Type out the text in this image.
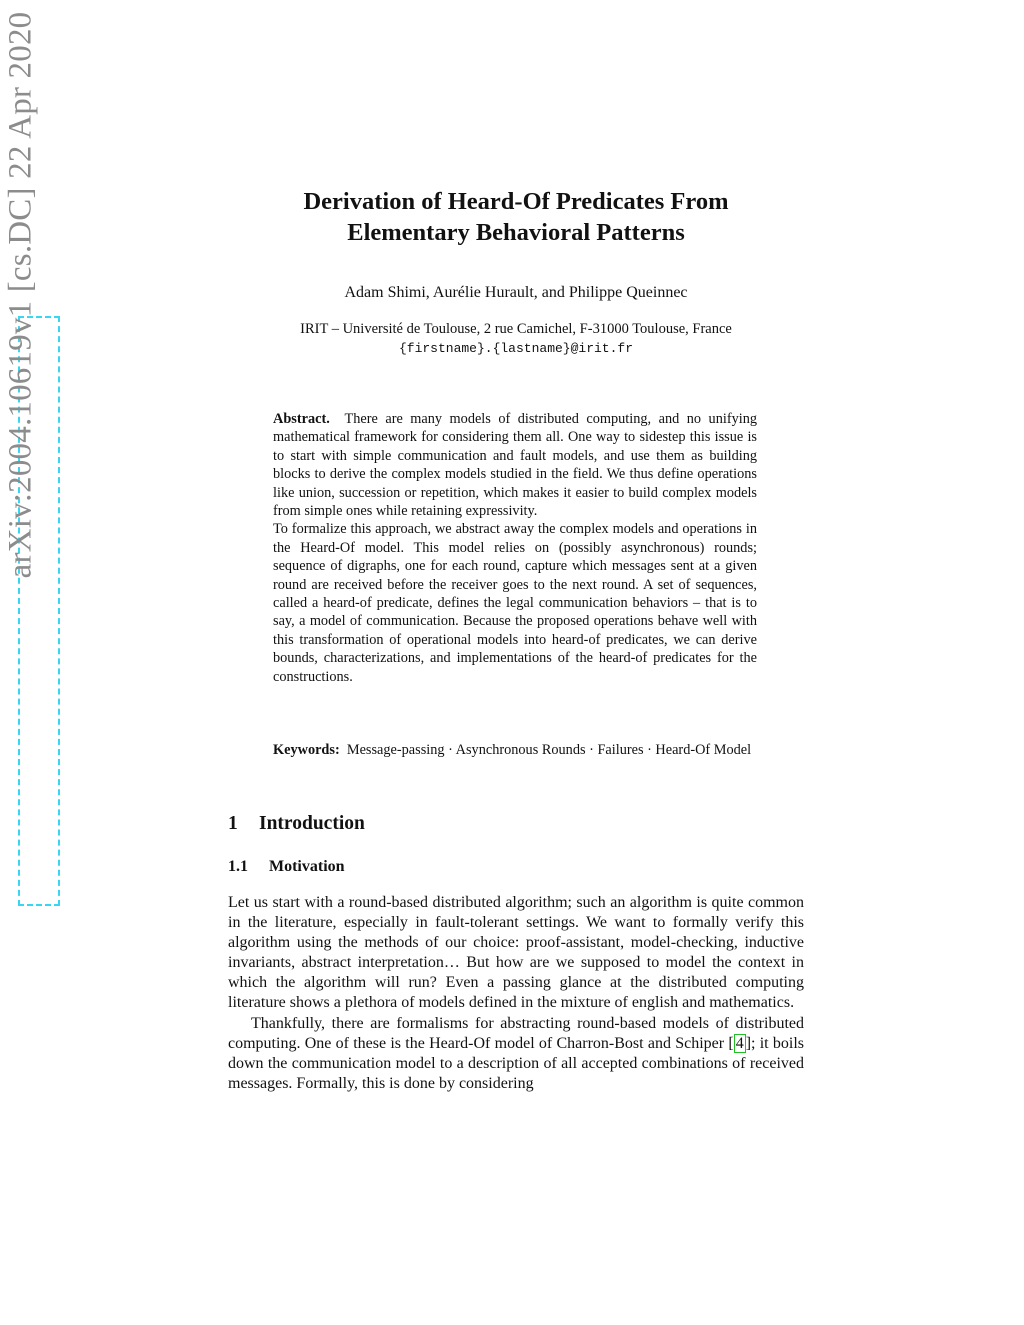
arXiv:2004.10619v1 [cs.DC] 22 Apr 2020	Derivation of Heard-Of Predicates From
Elementary Behavioral Patterns
Adam Shimi, Aurélie Hurault, and Philippe Queinnec
IRIT – Université de Toulouse, 2 rue Camichel, F-31000 Toulouse, France
{firstname}.{lastname}@irit.fr

Abstract. There are many models of distributed computing, and no unifying mathematical framework for considering them all. One way to sidestep this issue is to start with simple communication and fault models, and use them as building blocks to derive the complex models studied in the field. We thus define operations like union, succession or repetition, which makes it easier to build complex models from simple ones while retaining expressivity.

To formalize this approach, we abstract away the complex models and operations in the Heard-Of model. This model relies on (possibly asynchronous) rounds; sequence of digraphs, one for each round, capture which messages sent at a given round are received before the receiver goes to the next round. A set of sequences, called a heard-of predicate, defines the legal communication behaviors – that is to say, a model of communication. Because the proposed operations behave well with this transformation of operational models into heard-of predicates, we can derive bounds, characterizations, and implementations of the heard-of predicates for the constructions.

Keywords: Message-passing · Asynchronous Rounds · Failures · Heard-Of Model
1 Introduction
1.1 Motivation

Let us start with a round-based distributed algorithm; such an algorithm is quite common in the literature, especially in fault-tolerant settings. We want to formally verify this algorithm using the methods of our choice: proof-assistant, model-checking, inductive invariants, abstract interpretation… But how are we supposed to model the context in which the algorithm will run? Even a passing glance at the distributed computing literature shows a plethora of models defined in the mixture of english and mathematics.

Thankfully, there are formalisms for abstracting round-based models of distributed computing. One of these is the Heard-Of model of Charron-Bost and Schiper [ 4 ]; it boils down the communication model to a description of all accepted combinations of received messages. Formally, this is done by considering
